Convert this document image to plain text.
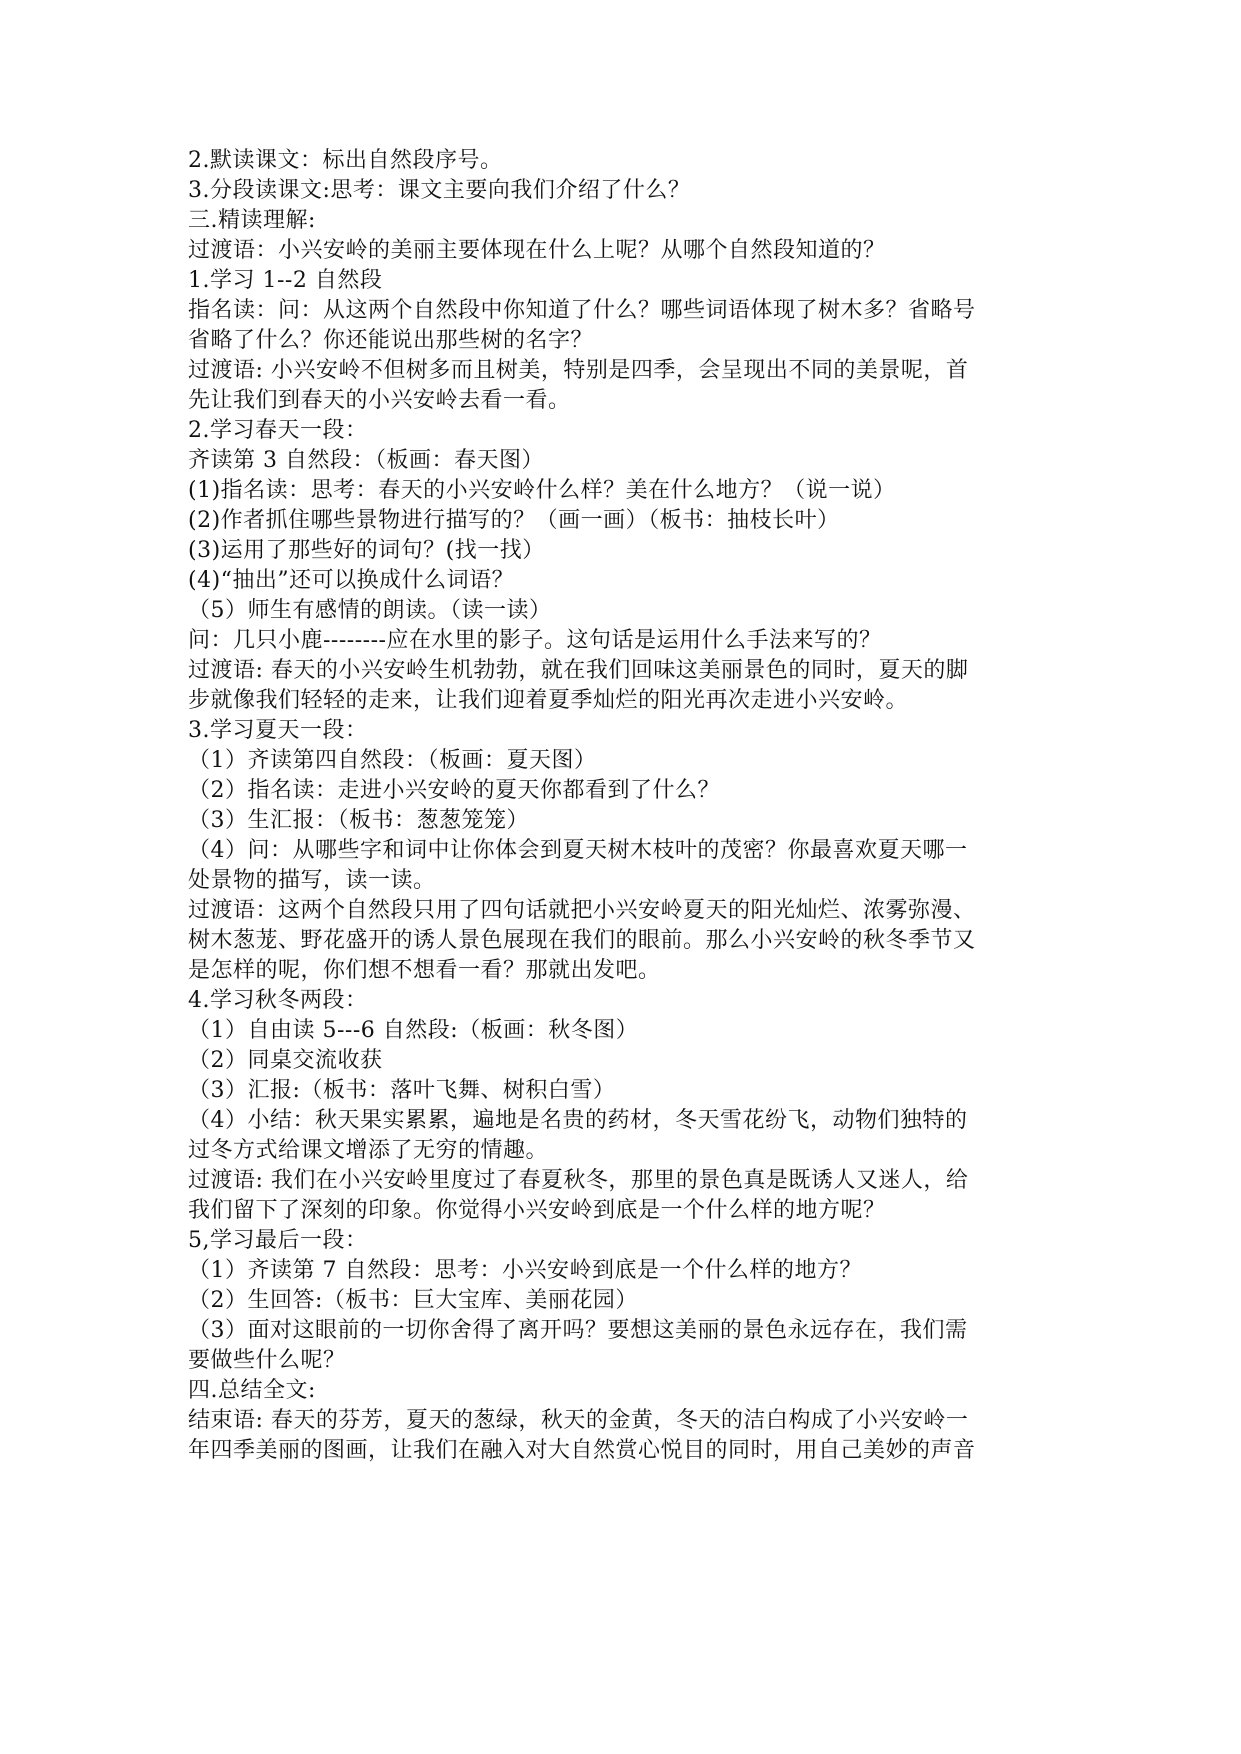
2.默读课文：标出自然段序号。

3.分段读课文:思考：课文主要向我们介绍了什么？

三.精读理解:

过渡语：小兴安岭的美丽主要体现在什么上呢？从哪个自然段知道的？

1.学习 1--2 自然段

指名读：问：从这两个自然段中你知道了什么？哪些词语体现了树木多？省略号

省略了什么？你还能说出那些树的名字？

过渡语: 小兴安岭不但树多而且树美，特别是四季，会呈现出不同的美景呢，首

先让我们到春天的小兴安岭去看一看。

2.学习春天一段：

齐读第 3 自然段：（板画：春天图）

(1)指名读：思考：春天的小兴安岭什么样？美在什么地方？（说一说）

(2)作者抓住哪些景物进行描写的？（画一画）（板书：抽枝长叶）

(3)运用了那些好的词句？(找一找）

(4)“抽出”还可以换成什么词语？

（5）师生有感情的朗读。（读一读）

问：几只小鹿--------应在水里的影子。这句话是运用什么手法来写的？

过渡语: 春天的小兴安岭生机勃勃，就在我们回味这美丽景色的同时，夏天的脚

步就像我们轻轻的走来，让我们迎着夏季灿烂的阳光再次走进小兴安岭。

3.学习夏天一段：

（1）齐读第四自然段：（板画：夏天图）

（2）指名读：走进小兴安岭的夏天你都看到了什么？

（3）生汇报：（板书：葱葱笼笼）

（4）问：从哪些字和词中让你体会到夏天树木枝叶的茂密？你最喜欢夏天哪一

处景物的描写，读一读。

过渡语：这两个自然段只用了四句话就把小兴安岭夏天的阳光灿烂、浓雾弥漫、

树木葱茏、野花盛开的诱人景色展现在我们的眼前。那么小兴安岭的秋冬季节又

是怎样的呢，你们想不想看一看？那就出发吧。

4.学习秋冬两段：

（1）自由读 5---6 自然段:（板画：秋冬图）

（2）同桌交流收获

（3）汇报:（板书：落叶飞舞、树积白雪）

（4）小结：秋天果实累累，遍地是名贵的药材，冬天雪花纷飞，动物们独特的

过冬方式给课文增添了无穷的情趣。

过渡语: 我们在小兴安岭里度过了春夏秋冬，那里的景色真是既诱人又迷人，给

我们留下了深刻的印象。你觉得小兴安岭到底是一个什么样的地方呢？

5,学习最后一段：

（1）齐读第 7 自然段：思考：小兴安岭到底是一个什么样的地方？

（2）生回答:（板书：巨大宝库、美丽花园）

（3）面对这眼前的一切你舍得了离开吗？要想这美丽的景色永远存在，我们需

要做些什么呢？

四.总结全文:

结束语: 春天的芬芳，夏天的葱绿，秋天的金黄，冬天的洁白构成了小兴安岭一

年四季美丽的图画，让我们在融入对大自然赏心悦目的同时，用自己美妙的声音
